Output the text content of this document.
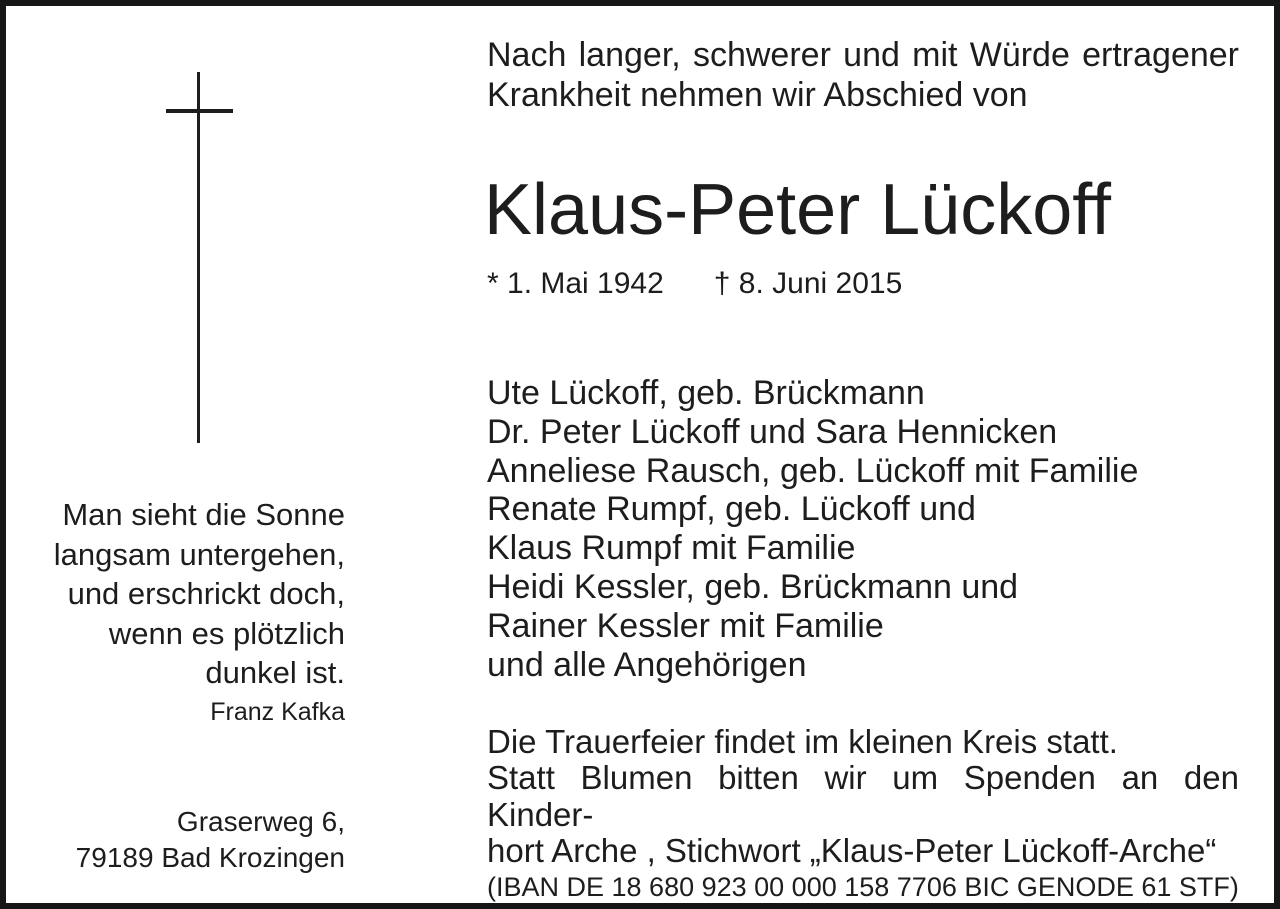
Man sieht die Sonne
langsam untergehen,
und erschrickt doch,
wenn es plötzlich
dunkel ist.
Franz Kafka
Graserweg 6,
79189 Bad Krozingen
Nach langer, schwerer und mit Würde ertragener
Krankheit nehmen wir Abschied von
Klaus-Peter Lückoff
* 1. Mai 1942 † 8. Juni 2015
Ute Lückoff, geb. Brückmann
Dr. Peter Lückoff und Sara Hennicken
Anneliese Rausch, geb. Lückoff mit Familie
Renate Rumpf, geb. Lückoff und
Klaus Rumpf mit Familie
Heidi Kessler, geb. Brückmann und
Rainer Kessler mit Familie
und alle Angehörigen
Die Trauerfeier findet im kleinen Kreis statt.
Statt Blumen bitten wir um Spenden an den Kinder-
hort Arche , Stichwort „Klaus-Peter Lückoff-Arche“
(IBAN DE 18 680 923 00 000 158 7706 BIC GENODE 61 STF)
